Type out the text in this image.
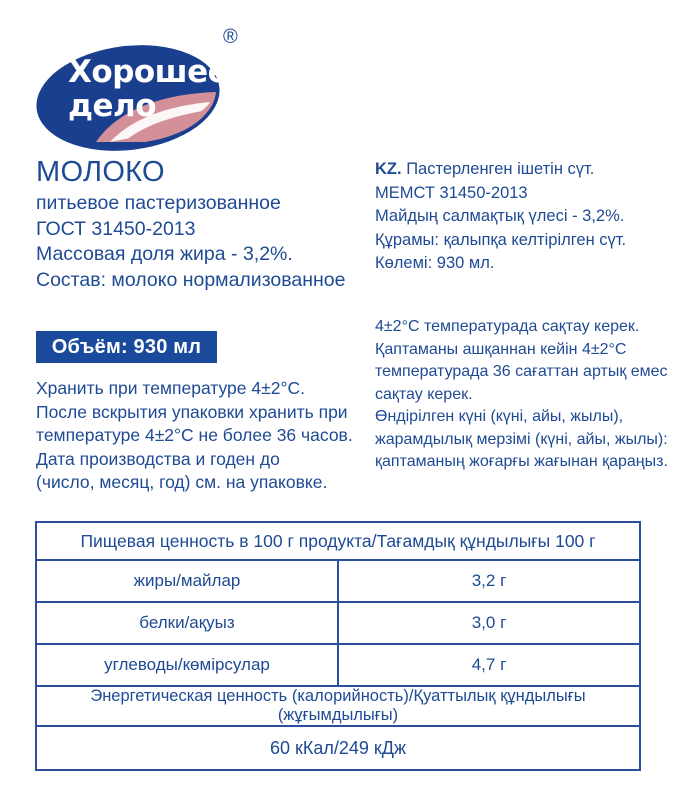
Хорошее
дело
®
МОЛОКО
питьевое пастеризованное
ГОСТ 31450-2013
Массовая доля жира - 3,2%.
Состав: молоко нормализованное
Объём: 930 мл
Хранить при температуре 4±2°C.
После вскрытия упаковки хранить при
температуре 4±2°C не более 36 часов.
Дата производства и годен до
(число, месяц, год) см. на упаковке.
KZ. Пастерленген ішетін сүт.
МЕМСТ 31450-2013
Майдың салмақтық үлесі - 3,2%.
Құрамы: қалыпқа келтірілген сүт.
Көлемі: 930 мл.
4±2°C температурада сақтау керек.
Қаптаманы ашқаннан кейін 4±2°C
температурада 36 сағаттан артық емес
сақтау керек.
Өндірілген күні (күні, айы, жылы),
жарамдылық мерзімі (күні, айы, жылы):
қаптаманың жоғарғы жағынан қараңыз.
Пищевая ценность в 100 г продукта/Тағамдық құндылығы 100 г	
жиры/майлар	3,2 г
белки/ақуыз	3,0 г
углеводы/көмірсулар	4,7 г
Энергетическая ценность (калорийность)/Қуаттылық құндылығы (жұғымдылығы)	
60 кКал/249 кДж	
